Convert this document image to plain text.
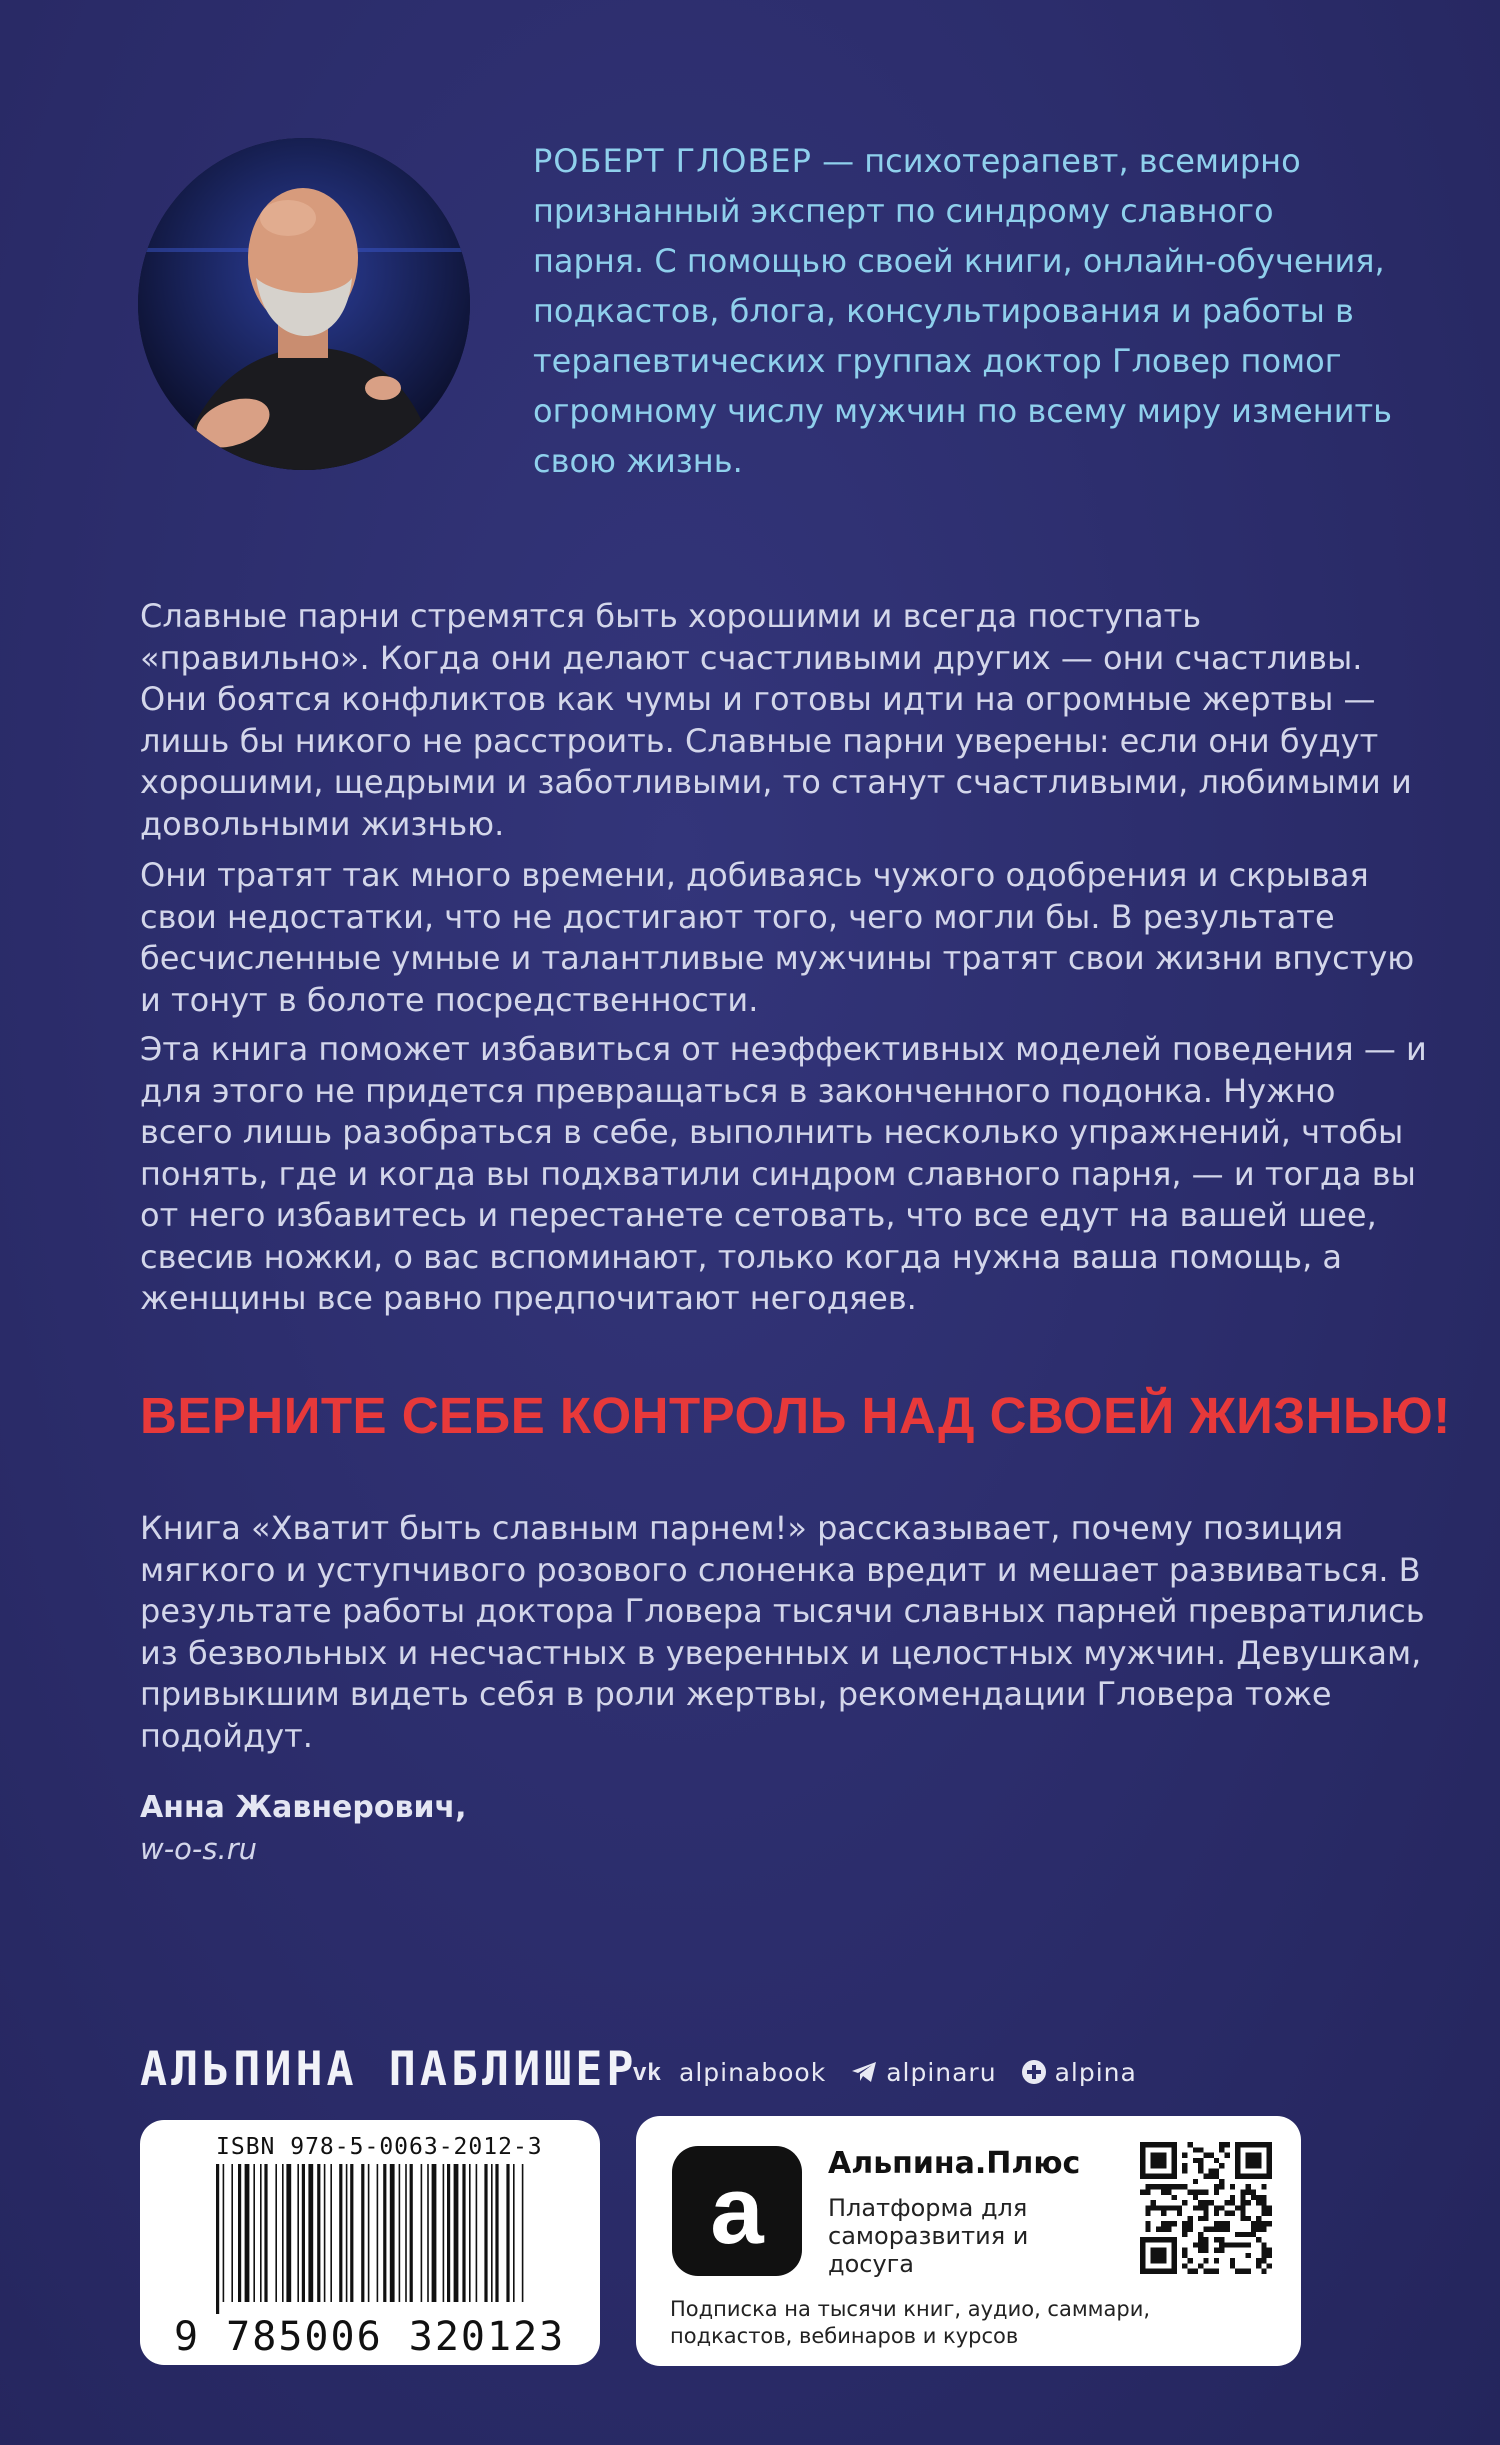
РОБЕРТ ГЛОВЕР — психотерапевт, всемирно признанный эксперт по синдрому славного парня. С помощью своей книги, онлайн-обучения, подкастов, блога, консультирования и работы в терапевтических группах доктор Гловер помог огромному числу мужчин по всему миру изменить свою жизнь.

Славные парни стремятся быть хорошими и всегда поступать «правильно». Когда они делают счастливыми других — они счастливы. Они боятся конфликтов как чумы и готовы идти на огромные жертвы — лишь бы никого не расстроить. Славные парни уверены: если они будут хорошими, щедрыми и заботливыми, то станут счастливыми, любимыми и довольными жизнью.

Они тратят так много времени, добиваясь чужого одобрения и скрывая свои недостатки, что не достигают того, чего могли бы. В результате бесчисленные умные и талантливые мужчины тратят свои жизни впустую и тонут в болоте посредственности.

Эта книга поможет избавиться от неэффективных моделей поведения — и для этого не придется превращаться в законченного подонка. Нужно всего лишь разобраться в себе, выполнить несколько упражнений, чтобы понять, где и когда вы подхватили синдром славного парня, — и тогда вы от него избавитесь и перестанете сетовать, что все едут на вашей шее, свесив ножки, о вас вспоминают, только когда нужна ваша помощь, а женщины все равно предпочитают негодяев.

ВЕРНИТЕ СЕБЕ КОНТРОЛЬ НАД СВОЕЙ ЖИЗНЬЮ!

Книга «Хватит быть славным парнем!» рассказывает, почему позиция мягкого и уступчивого розового слоненка вредит и мешает развиваться. В результате работы доктора Гловера тысячи славных парней превратились из безвольных и несчастных в уверенных и целостных мужчин. Девушкам, привыкшим видеть себя в роли жертвы, рекомендации Гловера тоже подойдут.

Анна Жавнерович,

w-o-s.ru

АЛЬПИНА ПАБЛИШЕР

vk alpinabook alpinaru alpina

ISBN 978-5-0063-2012-3

9 785006 320123

a	Альпина.Плюс

Платформа для саморазвития и досуга

Подписка на тысячи книг, аудио, саммари, подкастов, вебинаров и курсов
